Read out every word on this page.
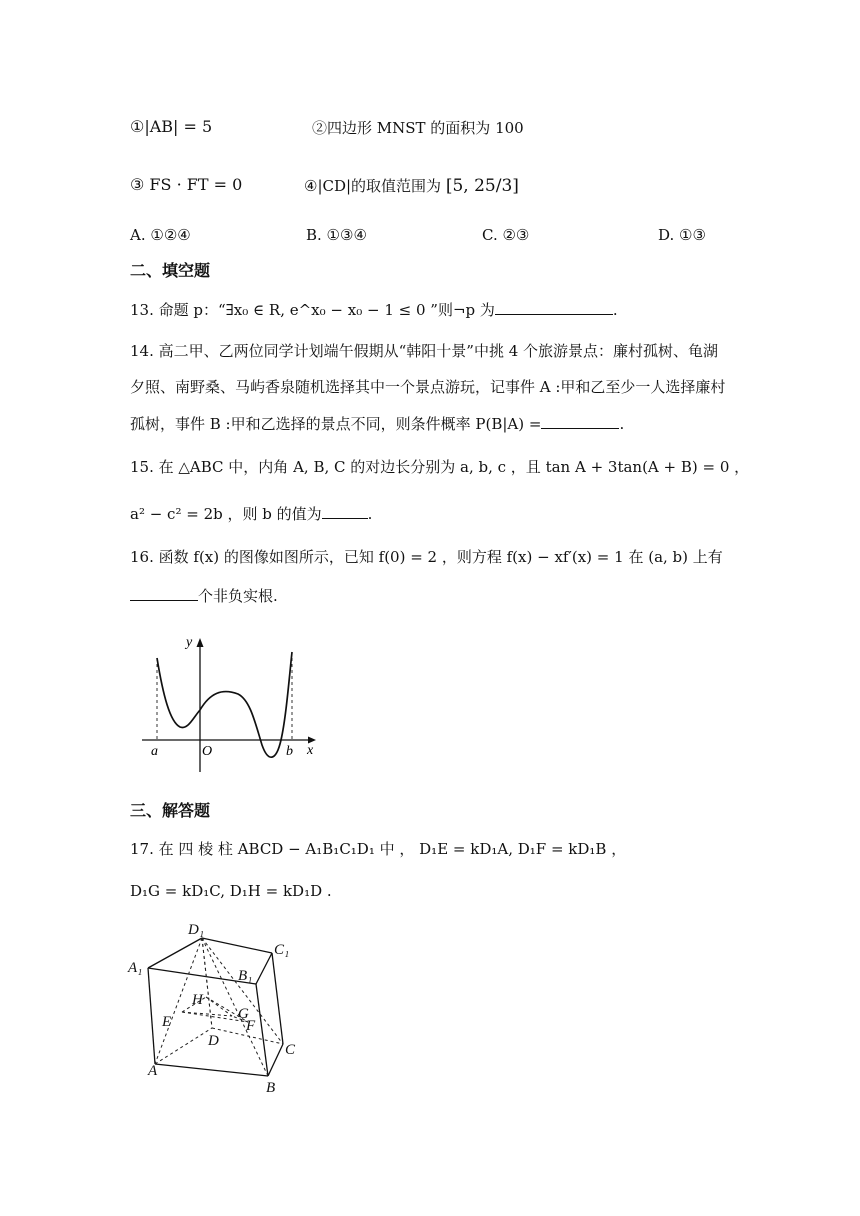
①|AB| = 5	②四边形 MNST 的面积为 100
③ FS · FT = 0	④|CD|的取值范围为 [5, 25/3]
A. ①②④	B. ①③④	C. ②③	D. ①③
二、填空题
13. 命题 p：“∃x₀ ∈ R, e^x₀ − x₀ − 1 ≤ 0 ”则¬p 为	.
14. 高二甲、乙两位同学计划端午假期从“韩阳十景”中挑 4 个旅游景点：廉村孤树、龟湖
夕照、南野桑、马屿香泉随机选择其中一个景点游玩，记事件 A :甲和乙至少一人选择廉村
孤树，事件 B :甲和乙选择的景点不同，则条件概率 P(B|A) =	.
15. 在 △ABC 中，内角 A, B, C 的对边长分别为 a, b, c ，且 tan A + 3tan(A + B) = 0 ，
a² − c² = 2b ，则 b 的值为	.
16. 函数 f(x) 的图像如图所示，已知 f(0) = 2 ，则方程 f(x) − xf′(x) = 1 在 (a, b) 上有
个非负实根.
y
x
a	O	b
三、解答题
17. 在 四 棱 柱 ABCD − A₁B₁C₁D₁ 中 ， D₁E = kD₁A, D₁F = kD₁B ，
D₁G = kD₁C, D₁H = kD₁D .
D₁
C₁
A₁	B₁
H
E	G
F
D
C
A
B
